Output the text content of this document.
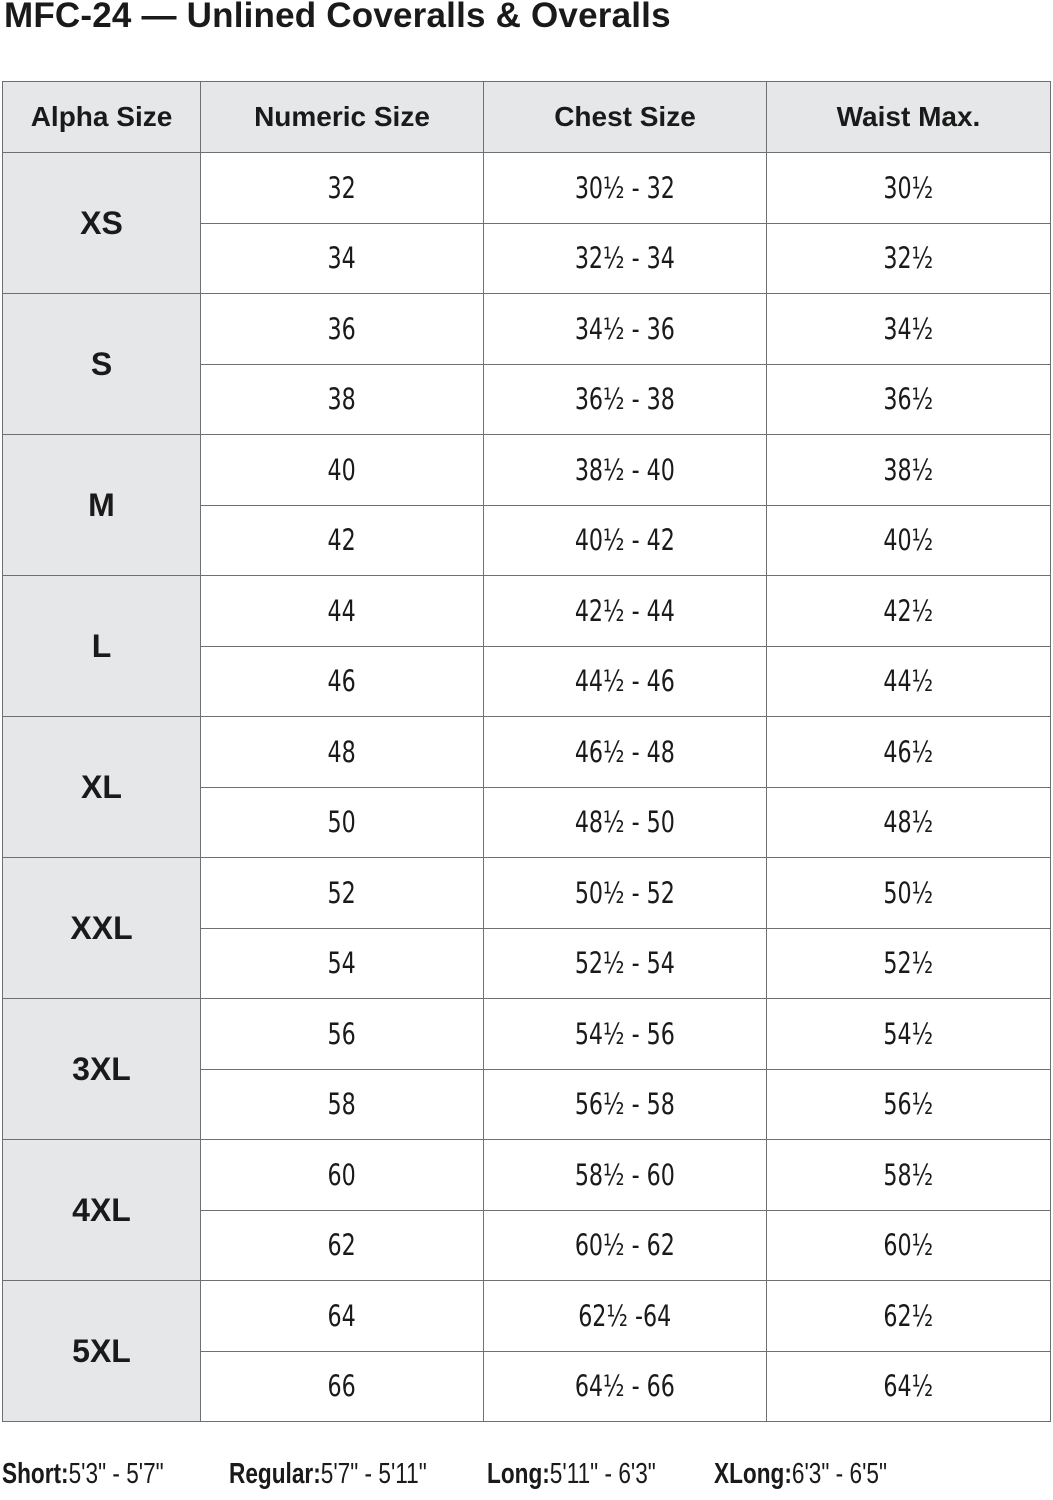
MFC-24 — Unlined Coveralls & Overalls
Alpha Size	Numeric Size	Chest Size	Waist Max.
XS	32	30½ - 32	30½
	34	32½ - 34	32½
S	36	34½ - 36	34½
	38	36½ - 38	36½
M	40	38½ - 40	38½
	42	40½ - 42	40½
L	44	42½ - 44	42½
	46	44½ - 46	44½
XL	48	46½ - 48	46½
	50	48½ - 50	48½
XXL	52	50½ - 52	50½
	54	52½ - 54	52½
3XL	56	54½ - 56	54½
	58	56½ - 58	56½
4XL	60	58½ - 60	58½
	62	60½ - 62	60½
5XL	64	62½ -64	62½
	66	64½ - 66	64½
Short:5'3" - 5'7"	Regular:5'7" - 5'11"	Long:5'11" - 6'3"	XLong:6'3" - 6'5"
